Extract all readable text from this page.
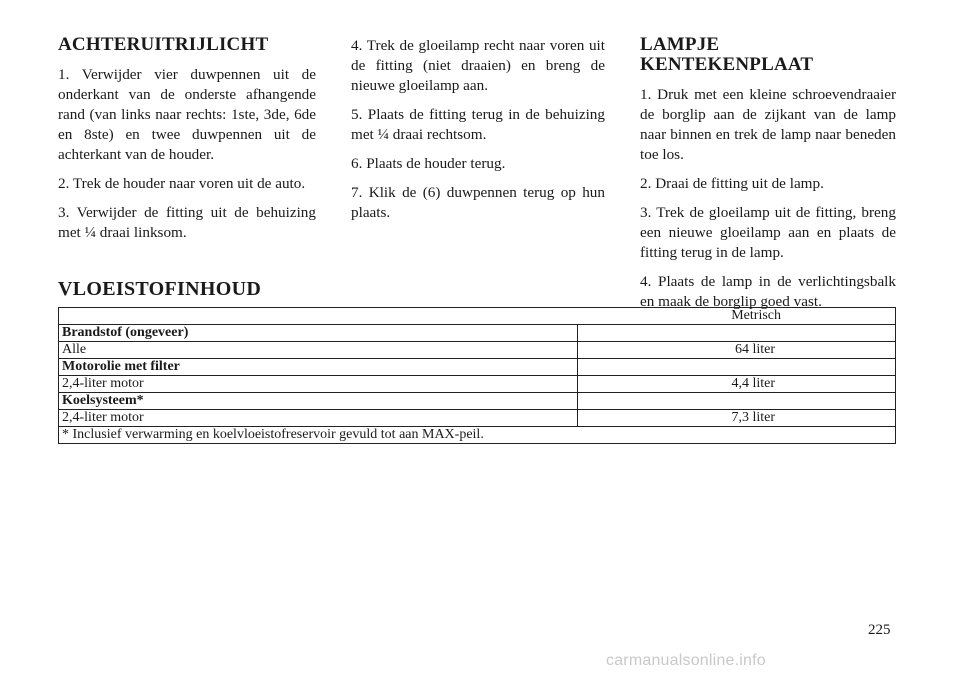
ACHTERUITRIJLICHT

1. Verwijder vier duwpennen uit de onderkant van de onderste afhangende rand (van links naar rechts: 1ste, 3de, 6de en 8ste) en twee duwpennen uit de achterkant van de houder.

2. Trek de houder naar voren uit de auto.

3. Verwijder de fitting uit de behuizing met ¼ draai linksom.

4. Trek de gloeilamp recht naar voren uit de fitting (niet draaien) en breng de nieuwe gloeilamp aan.

5. Plaats de fitting terug in de behuizing met ¼ draai rechtsom.

6. Plaats de houder terug.

7. Klik de (6) duwpennen terug op hun plaats.

LAMPJE KENTEKENPLAAT

1. Druk met een kleine schroevendraaier de borglip aan de zijkant van de lamp naar binnen en trek de lamp naar beneden toe los.

2. Draai de fitting uit de lamp.

3. Trek de gloeilamp uit de fitting, breng een nieuwe gloeilamp aan en plaats de fitting terug in de lamp.

4. Plaats de lamp in de verlichtingsbalk en maak de borglip goed vast.

VLOEISTOFINHOUD
Metrisch	
Brandstof (ongeveer)	
Alle	64 liter
Motorolie met filter	
2,4-liter motor	4,4 liter
Koelsysteem*	
2,4-liter motor	7,3 liter
* Inclusief verwarming en koelvloeistofreservoir gevuld tot aan MAX-peil.	
225
carmanualsonline.info
